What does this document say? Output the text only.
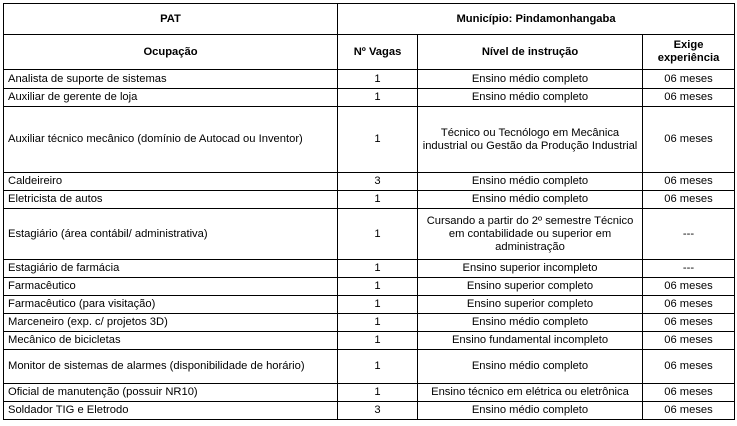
PAT	Município: Pindamonhangaba		
Ocupação	Nº Vagas	Nível de instrução	Exige experiência
Analista de suporte de sistemas	1	Ensino médio completo	06 meses
Auxiliar de gerente de loja	1	Ensino médio completo	06 meses
Auxiliar técnico mecânico (domínio de Autocad ou Inventor)	1	Técnico ou Tecnólogo em Mecânica industrial ou Gestão da Produção Industrial	06 meses
Caldeireiro	3	Ensino médio completo	06 meses
Eletricista de autos	1	Ensino médio completo	06 meses
Estagiário (área contábil/ administrativa)	1	Cursando a partir do 2º semestre Técnico em contabilidade ou superior em administração	---
Estagiário de farmácia	1	Ensino superior incompleto	---
Farmacêutico	1	Ensino superior completo	06 meses
Farmacêutico (para visitação)	1	Ensino superior completo	06 meses
Marceneiro (exp. c/ projetos 3D)	1	Ensino médio completo	06 meses
Mecânico de bicicletas	1	Ensino fundamental incompleto	06 meses
Monitor de sistemas de alarmes (disponibilidade de horário)	1	Ensino médio completo	06 meses
Oficial de manutenção (possuir NR10)	1	Ensino técnico em elétrica ou eletrônica	06 meses
Soldador TIG e Eletrodo	3	Ensino médio completo	06 meses
